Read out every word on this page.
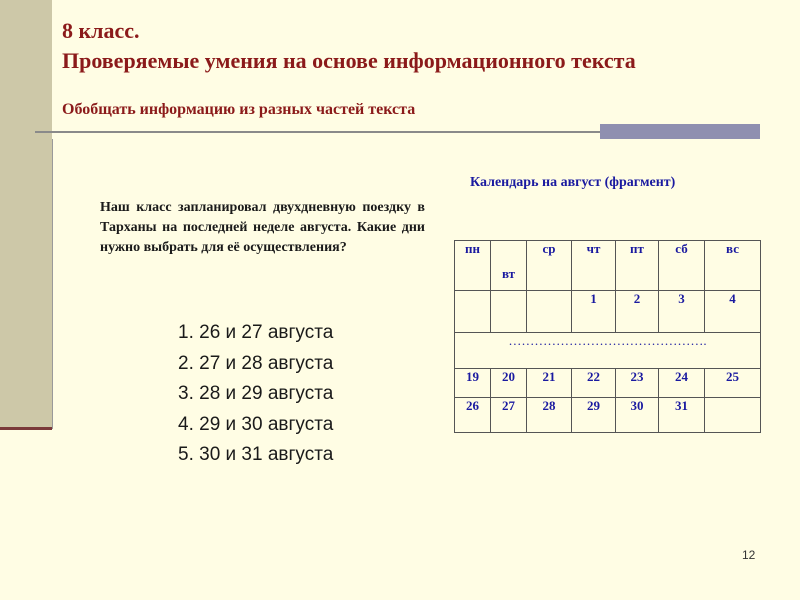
8 класс.
Проверяемые умения на основе информационного текста
Обобщать информацию из разных частей текста

Наш класс запланировал двухдневную поездку в Тарханы на последней неделе августа. Какие дни нужно выбрать для её осуществления?

1. 26 и 27 августа
2. 27 и 28 августа
3. 28 и 29 августа
4. 29 и 30 августа
5. 30 и 31 августа

Календарь на август (фрагмент)

пн	вт	ср	чт	пт	сб	вс
			1	2	3	4
……………………………………….						
19	20	21	22	23	24	25
26	27	28	29	30	31	
12
